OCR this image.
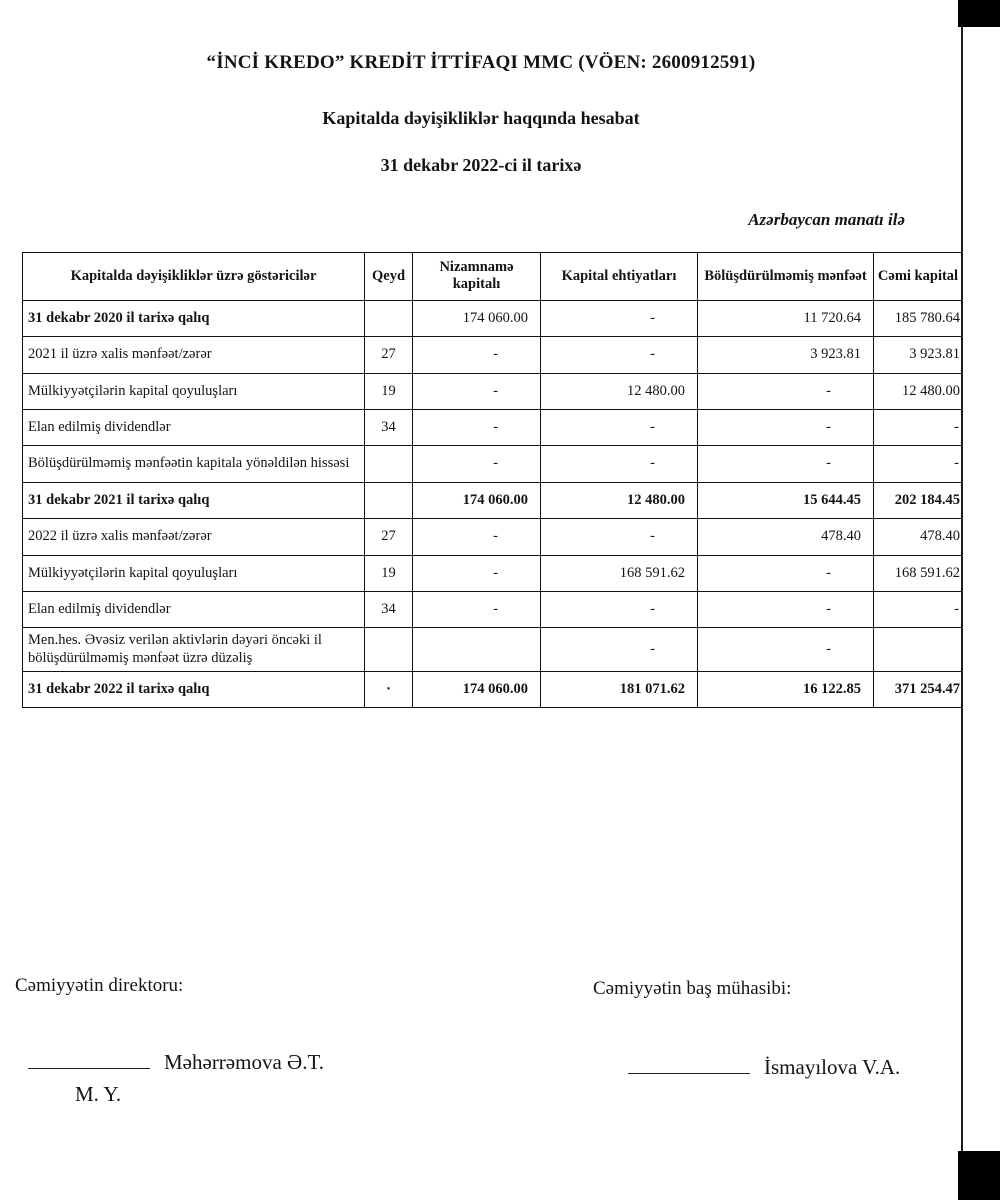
“İNCİ KREDO” KREDİT İTTİFAQI MMC (VÖEN: 2600912591)
Kapitalda dəyişikliklər haqqında hesabat
31 dekabr 2022-ci il tarixə
Azərbaycan manatı ilə
Kapitalda dəyişikliklər üzrə göstəricilər	Qeyd	Nizamnamə kapitalı	Kapital ehtiyatları	Bölüşdürülməmiş mənfəət	Cəmi kapital
31 dekabr 2020 il tarixə qalıq		174 060.00	-	11 720.64	185 780.64
2021 il üzrə xalis mənfəət/zərər	27	-	-	3 923.81	3 923.81
Mülkiyyətçilərin kapital qoyuluşları	19	-	12 480.00	-	12 480.00
Elan edilmiş dividendlər	34	-	-	-	-
Bölüşdürülməmiş mənfəətin kapitala yönəldilən hissəsi		-	-	-	-
31 dekabr 2021 il tarixə qalıq		174 060.00	12 480.00	15 644.45	202 184.45
2022 il üzrə xalis mənfəət/zərər	27	-	-	478.40	478.40
Mülkiyyətçilərin kapital qoyuluşları	19	-	168 591.62	-	168 591.62
Elan edilmiş dividendlər	34	-	-	-	-
Men.hes. Əvəsiz verilən aktivlərin dəyəri öncəki il bölüşdürülməmiş mənfəət üzrə düzəliş			-	-	
31 dekabr 2022 il tarixə qalıq	·	174 060.00	181 071.62	16 122.85	371 254.47
Cəmiyyətin direktoru:	Cəmiyyətin baş mühasibi:
Məhərrəmova Ə.T.
M. Y.
İsmayılova V.A.
